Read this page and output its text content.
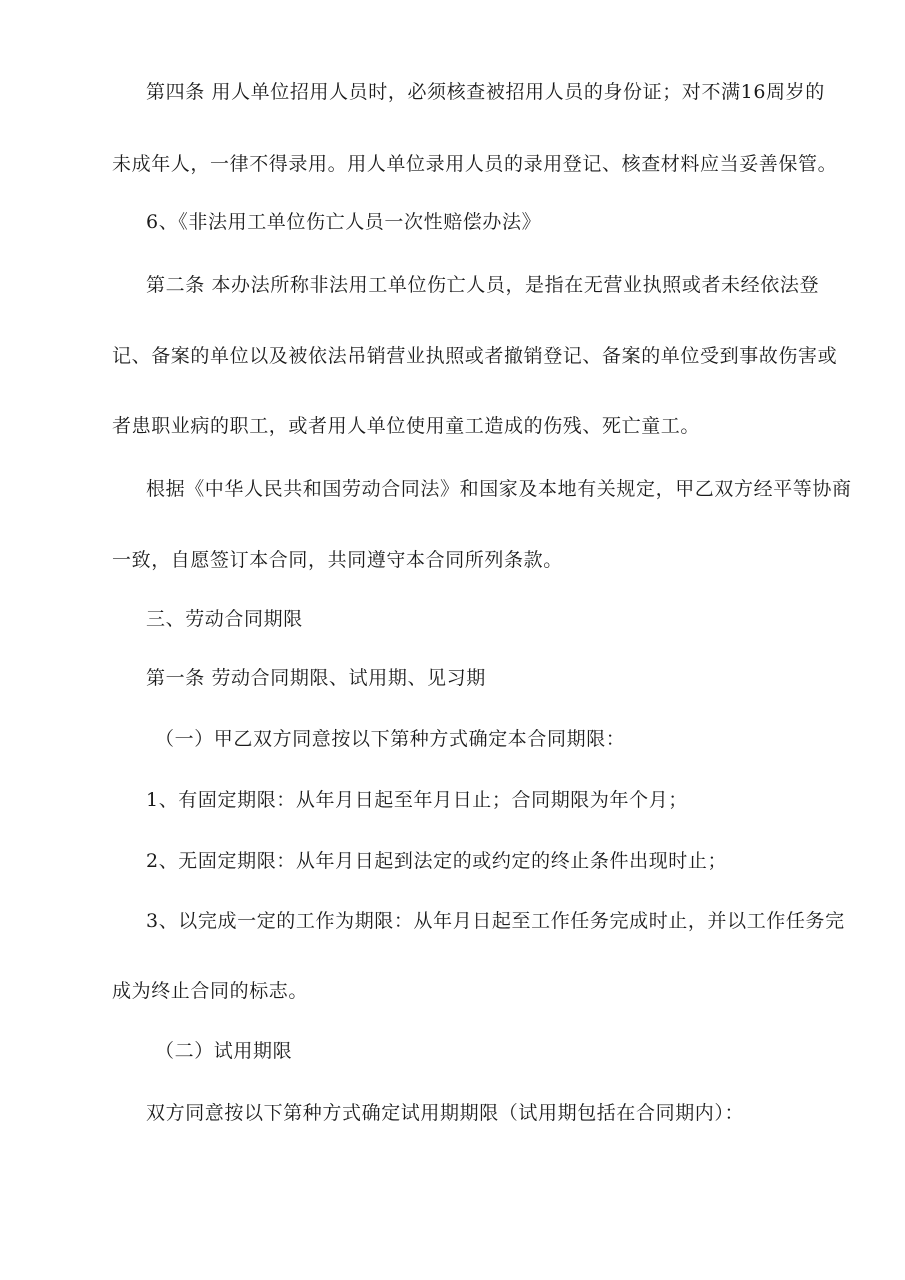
第四条 用人单位招用人员时，必须核查被招用人员的身份证；对不满16周岁的
未成年人，一律不得录用。用人单位录用人员的录用登记、核查材料应当妥善保管。
6、《非法用工单位伤亡人员一次性赔偿办法》
第二条 本办法所称非法用工单位伤亡人员，是指在无营业执照或者未经依法登
记、备案的单位以及被依法吊销营业执照或者撤销登记、备案的单位受到事故伤害或
者患职业病的职工，或者用人单位使用童工造成的伤残、死亡童工。
根据《中华人民共和国劳动合同法》和国家及本地有关规定，甲乙双方经平等协商
一致，自愿签订本合同，共同遵守本合同所列条款。
三、劳动合同期限
第一条 劳动合同期限、试用期、见习期
（一）甲乙双方同意按以下第种方式确定本合同期限：
1、有固定期限：从年月日起至年月日止；合同期限为年个月；
2、无固定期限：从年月日起到法定的或约定的终止条件出现时止；
3、以完成一定的工作为期限：从年月日起至工作任务完成时止，并以工作任务完
成为终止合同的标志。
（二）试用期限
双方同意按以下第种方式确定试用期期限（试用期包括在合同期内）：
